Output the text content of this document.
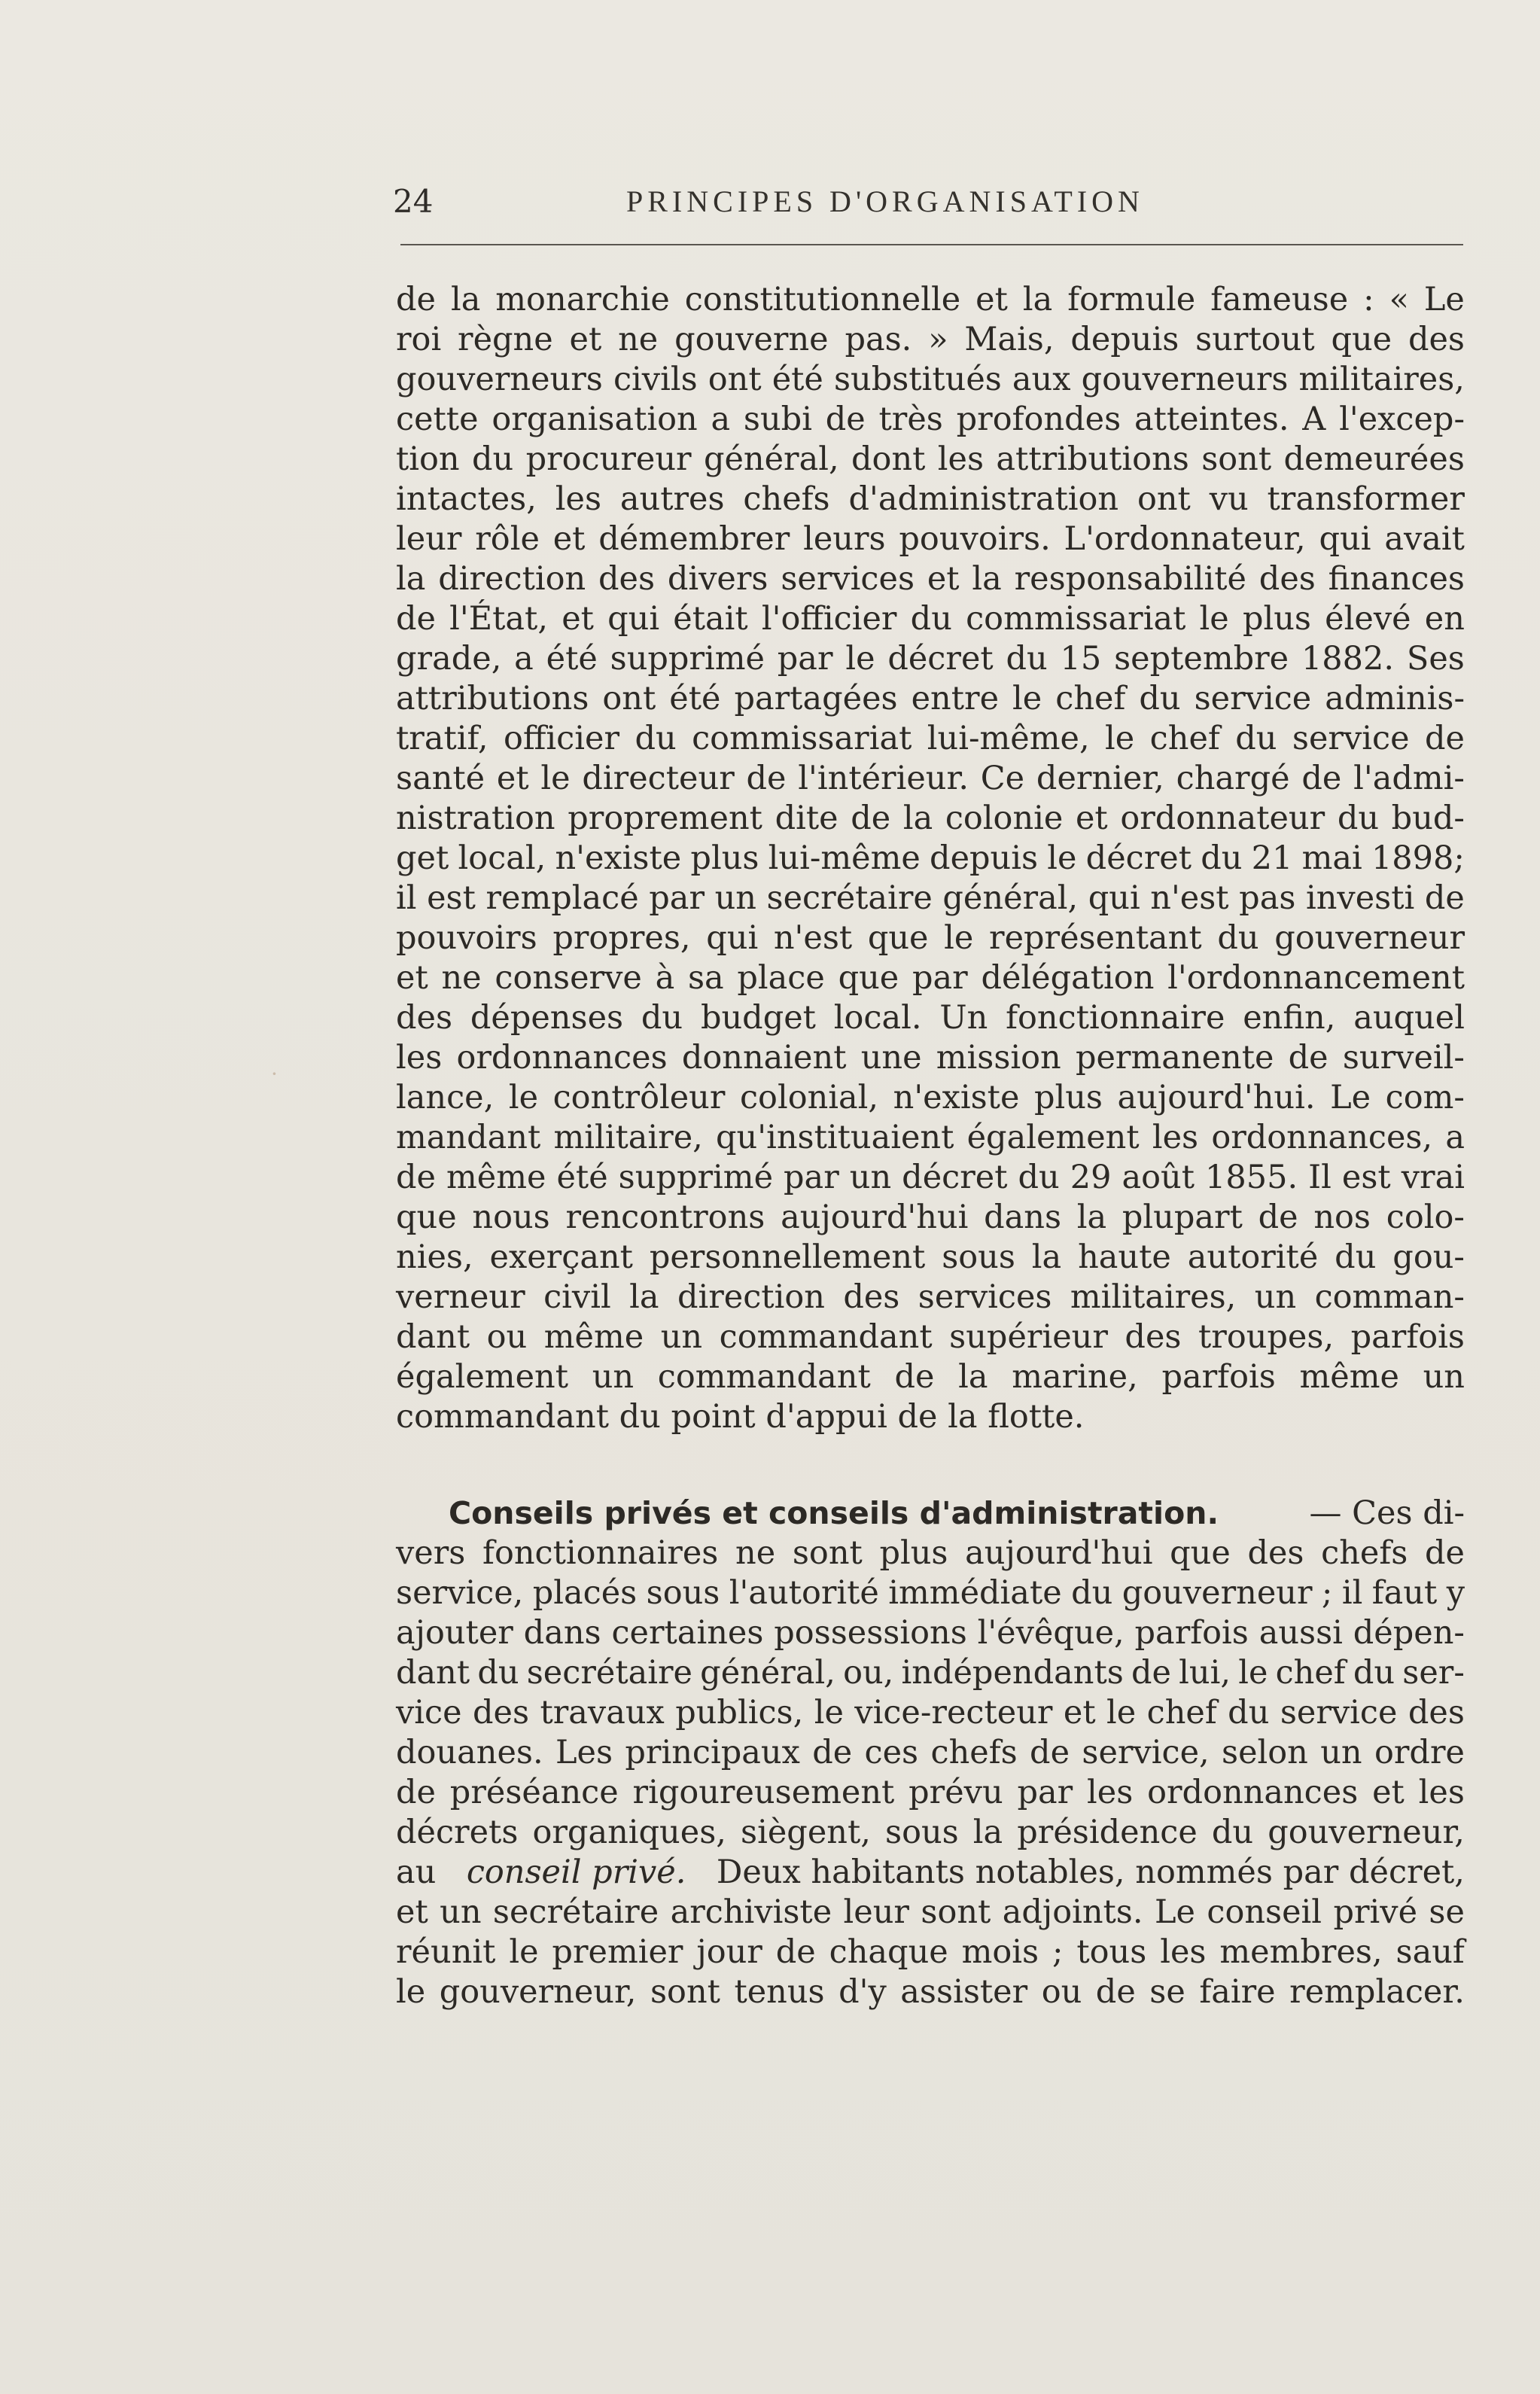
24	PRINCIPES D'ORGANISATION
·
de la monarchie constitutionnelle et la formule fameuse : « Le
roi règne et ne gouverne pas. » Mais, depuis surtout que des
gouverneurs civils ont été substitués aux gouverneurs militaires,
cette organisation a subi de très profondes atteintes. A l'excep-
tion du procureur général, dont les attributions sont demeurées
intactes, les autres chefs d'administration ont vu transformer
leur rôle et démembrer leurs pouvoirs. L'ordonnateur, qui avait
la direction des divers services et la responsabilité des finances
de l'État, et qui était l'officier du commissariat le plus élevé en
grade, a été supprimé par le décret du 15 septembre 1882. Ses
attributions ont été partagées entre le chef du service adminis-
tratif, officier du commissariat lui-même, le chef du service de
santé et le directeur de l'intérieur. Ce dernier, chargé de l'admi-
nistration proprement dite de la colonie et ordonnateur du bud-
get local, n'existe plus lui-même depuis le décret du 21 mai 1898;
il est remplacé par un secrétaire général, qui n'est pas investi de
pouvoirs propres, qui n'est que le représentant du gouverneur
et ne conserve à sa place que par délégation l'ordonnancement
des dépenses du budget local. Un fonctionnaire enfin, auquel
les ordonnances donnaient une mission permanente de surveil-
lance, le contrôleur colonial, n'existe plus aujourd'hui. Le com-
mandant militaire, qu'instituaient également les ordonnances, a
de même été supprimé par un décret du 29 août 1855. Il est vrai
que nous rencontrons aujourd'hui dans la plupart de nos colo-
nies, exerçant personnellement sous la haute autorité du gou-
verneur civil la direction des services militaires, un comman-
dant ou même un commandant supérieur des troupes, parfois
également un commandant de la marine, parfois même un
commandant du point d'appui de la flotte.
Conseils privés et conseils d'administration.	— Ces di-
vers fonctionnaires ne sont plus aujourd'hui que des chefs de
service, placés sous l'autorité immédiate du gouverneur ; il faut y
ajouter dans certaines possessions l'évêque, parfois aussi dépen-
dant du secrétaire général, ou, indépendants de lui, le chef du ser-
vice des travaux publics, le vice-recteur et le chef du service des
douanes. Les principaux de ces chefs de service, selon un ordre
de préséance rigoureusement prévu par les ordonnances et les
décrets organiques, siègent, sous la présidence du gouverneur,
au conseil privé. Deux habitants notables, nommés par décret,
et un secrétaire archiviste leur sont adjoints. Le conseil privé se
réunit le premier jour de chaque mois ; tous les membres, sauf
le gouverneur, sont tenus d'y assister ou de se faire remplacer.
